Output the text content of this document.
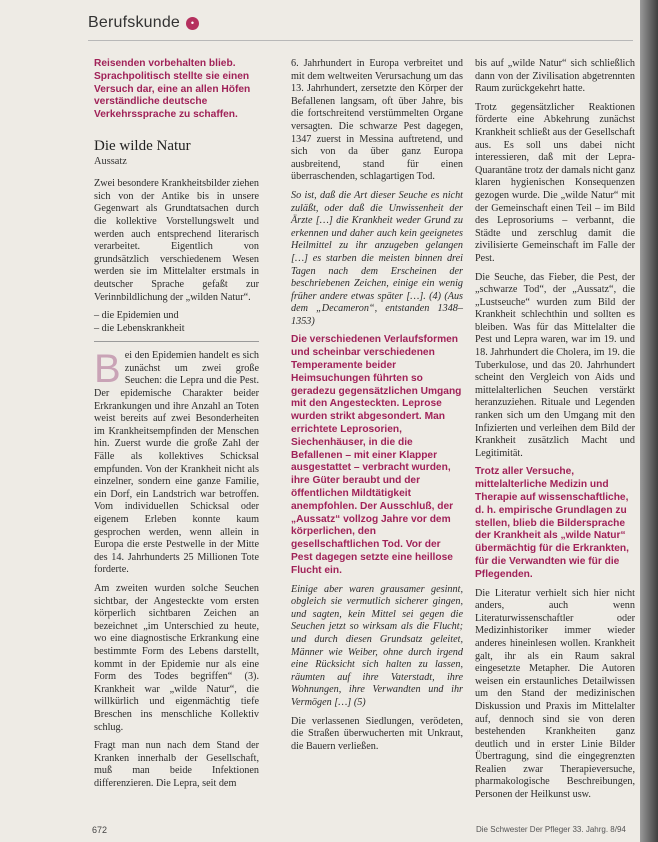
Berufskunde	•

Reisenden vorbehalten blieb. Sprachpolitisch stellte sie einen Versuch dar, eine an allen Höfen verständliche deutsche Verkehrssprache zu schaffen.

Die wilde Natur
Aussatz

Zwei besondere Krankheitsbilder ziehen sich von der Antike bis in unsere Gegenwart als Grundtatsachen durch die kollektive Vorstellungswelt und werden auch entsprechend literarisch verarbeitet. Eigentlich von grundsätzlich verschiedenem Wesen werden sie im Mittelalter erstmals in deutscher Sprache gefaßt zur Verinnbildlichung der „wilden Natur“.

– die Epidemien und
– die Lebenskrankheit

Bei den Epidemien handelt es sich zunächst um zwei große Seuchen: die Lepra und die Pest. Der epidemische Charakter beider Erkrankungen und ihre Anzahl an Toten weist bereits auf zwei Besonderheiten im Krankheitsempfinden der Menschen hin. Zuerst wurde die große Zahl der Fälle als kollektives Schicksal empfunden. Von der Krankheit nicht als einzelner, sondern eine ganze Familie, ein Dorf, ein Landstrich war betroffen. Vom individuellen Schicksal oder eigenem Erleben konnte kaum gesprochen werden, wenn allein in Europa die erste Pestwelle in der Mitte des 14. Jahrhunderts 25 Millionen Tote forderte.

Am zweiten wurden solche Seuchen sichtbar, der Angesteckte vom ersten körperlich sichtbaren Zeichen an bezeichnet „im Unterschied zu heute, wo eine diagnostische Erkrankung eine bestimmte Form des Lebens darstellt, kommt in der Epidemie nur als eine Form des Todes begriffen“ (3). Krankheit war „wilde Natur“, die willkürlich und eigenmächtig tiefe Breschen ins menschliche Kollektiv schlug.

Fragt man nun nach dem Stand der Kranken innerhalb der Gesellschaft, muß man beide Infektionen differenzieren. Die Lepra, seit dem

6. Jahrhundert in Europa verbreitet und mit dem weltweiten Verursachung um das 13. Jahrhundert, zersetzte den Körper der Befallenen langsam, oft über Jahre, bis die fortschreitend verstümmelten Organe versagten. Die schwarze Pest dagegen, 1347 zuerst in Messina auftretend, und sich von da über ganz Europa ausbreitend, stand für einen überraschenden, schlagartigen Tod.

So ist, daß die Art dieser Seuche es nicht zuläßt, oder daß die Unwissenheit der Ärzte […] die Krankheit weder Grund zu erkennen und daher auch kein geeignetes Heilmittel zu ihr anzugeben gelangen […] es starben die meisten binnen drei Tagen nach dem Erscheinen der beschriebenen Zeichen, einige ein wenig früher andere etwas später […]. (4) (Aus dem „Decameron“, entstanden 1348–1353)

Die verschiedenen Verlaufsformen und scheinbar verschiedenen Temperamente beider Heimsuchungen führten so geradezu gegensätzlichen Umgang mit den Angesteckten. Leprose wurden strikt abgesondert. Man errichtete Leprosorien, Siechenhäuser, in die die Befallenen – mit einer Klapper ausgestattet – verbracht wurden, ihre Güter beraubt und der öffentlichen Mildtätigkeit anempfohlen. Der Ausschluß, der „Aussatz“ vollzog Jahre vor dem körperlichen, den gesellschaftlichen Tod. Vor der Pest dagegen setzte eine heillose Flucht ein.

Einige aber waren grausamer gesinnt, obgleich sie vermutlich sicherer gingen, und sagten, kein Mittel sei gegen die Seuchen jetzt so wirksam als die Flucht; und durch diesen Grundsatz geleitet, Männer wie Weiber, ohne durch irgend eine Rücksicht sich halten zu lassen, räumten auf ihre Vaterstadt, ihre Wohnungen, ihre Verwandten und ihr Vermögen […] (5)

Die verlassenen Siedlungen, verödeten, die Straßen überwucherten mit Unkraut, die Bauern verließen.

bis auf „wilde Natur“ sich schließlich dann von der Zivilisation abgetrennten Raum zurückgekehrt hatte.

Trotz gegensätzlicher Reaktionen förderte eine Abkehrung zunächst Krankheit schließt aus der Gesellschaft aus. Es soll uns dabei nicht interessieren, daß mit der Lepra-Quarantäne trotz der damals nicht ganz klaren hygienischen Konsequenzen gezogen wurde. Die „wilde Natur“ mit der Gemeinschaft einen Teil – im Bild des Leprosoriums – verbannt, die Städte und zerschlug damit die zivilisierte Gemeinschaft im Falle der Pest.

Die Seuche, das Fieber, die Pest, der „schwarze Tod“, der „Aussatz“, die „Lustseuche“ wurden zum Bild der Krankheit schlechthin und sollten es bleiben. Was für das Mittelalter die Pest und Lepra waren, war im 19. und 18. Jahrhundert die Cholera, im 19. die Tuberkulose, und das 20. Jahrhundert scheint den Vergleich von Aids und mittelalterlichen Seuchen verstärkt heranzuziehen. Rituale und Legenden ranken sich um den Umgang mit den Infizierten und verleihen dem Bild der Krankheit zusätzlich Macht und Legitimität.

Trotz aller Versuche, mittelalterliche Medizin und Therapie auf wissenschaftliche, d. h. empirische Grundlagen zu stellen, blieb die Bildersprache der Krankheit als „wilde Natur“ übermächtig für die Erkrankten, für die Verwandten wie für die Pflegenden.

Die Literatur verhielt sich hier nicht anders, auch wenn Literaturwissenschaftler oder Medizinhistoriker immer wieder anderes hineinlesen wollen. Krankheit galt, ihr als ein Raum sakral eingesetzte Metapher. Die Autoren weisen ein erstaunliches Detailwissen um den Stand der medizinischen Diskussion und Praxis im Mittelalter auf, dennoch sind sie von deren bestehenden Krankheiten ganz deutlich und in erster Linie Bilder Übertragung, sind die eingegrenzten Realien zwar Therapieversuche, pharmakologische Beschreibungen, Personen der Heilkunst usw.

672	Die Schwester Der Pfleger 33. Jahrg. 8/94
